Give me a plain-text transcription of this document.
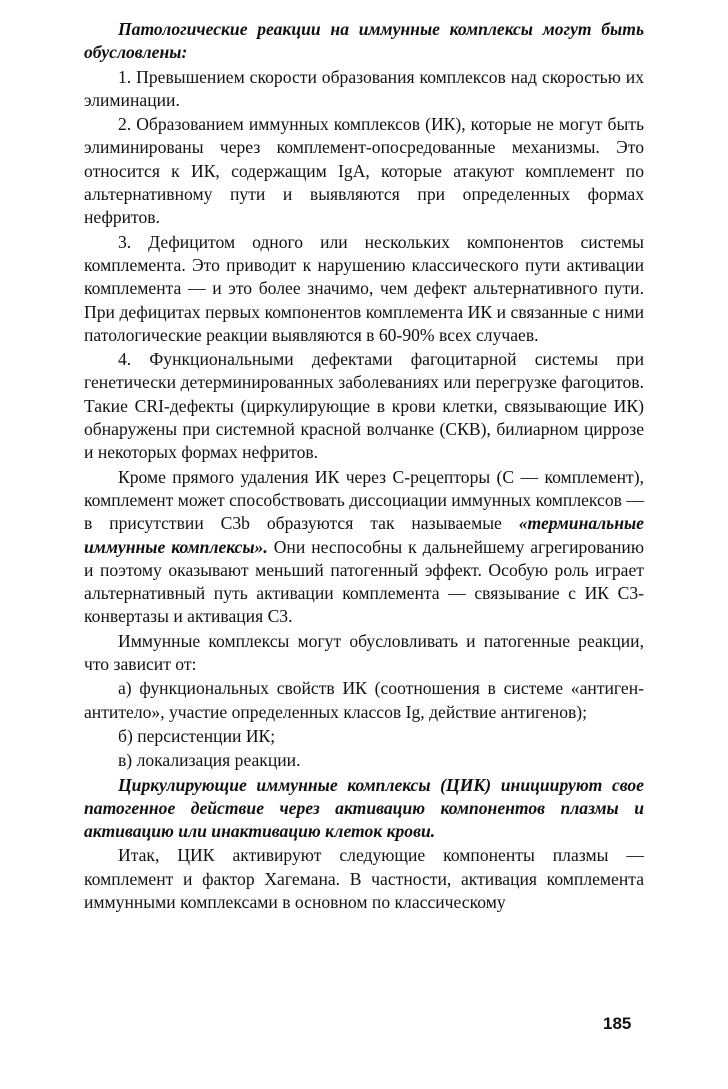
Патологические реакции на иммунные комплексы могут быть обусловлены:

1. Превышением скорости образования комплексов над скоростью их элиминации.

2. Образованием иммунных комплексов (ИК), которые не могут быть элиминированы через комплемент-опосредованные механизмы. Это относится к ИК, содержащим IgA, которые атакуют комплемент по альтернативному пути и выявляются при определенных формах нефритов.

3. Дефицитом одного или нескольких компонентов системы комплемента. Это приводит к нарушению классического пути активации комплемента — и это более значимо, чем дефект альтернативного пути. При дефицитах первых компонентов комплемента ИК и связанные с ними патологические реакции выявляются в 60-90% всех случаев.

4. Функциональными дефектами фагоцитарной системы при генетически детерминированных заболеваниях или перегрузке фагоцитов. Такие CRI-дефекты (циркулирующие в крови клетки, связывающие ИК) обнаружены при системной красной волчанке (СКВ), билиарном циррозе и некоторых формах нефритов.

Кроме прямого удаления ИК через С-рецепторы (С — комплемент), комплемент может способствовать диссоциации иммунных комплексов — в присутствии С3b образуются так называемые «терминальные иммунные комплексы». Они неспособны к дальнейшему агрегированию и поэтому оказывают меньший патогенный эффект. Особую роль играет альтернативный путь активации комплемента — связывание с ИК С3-конвертазы и активация С3.

Иммунные комплексы могут обусловливать и патогенные реакции, что зависит от:

а) функциональных свойств ИК (соотношения в системе «антиген-антитело», участие определенных классов Ig, действие антигенов);

б) персистенции ИК;

в) локализация реакции.

Циркулирующие иммунные комплексы (ЦИК) инициируют свое патогенное действие через активацию компонентов плазмы и активацию или инактивацию клеток крови.

Итак, ЦИК активируют следующие компоненты плазмы — комплемент и фактор Хагемана. В частности, активация комплемента иммунными комплексами в основном по классическому

185
